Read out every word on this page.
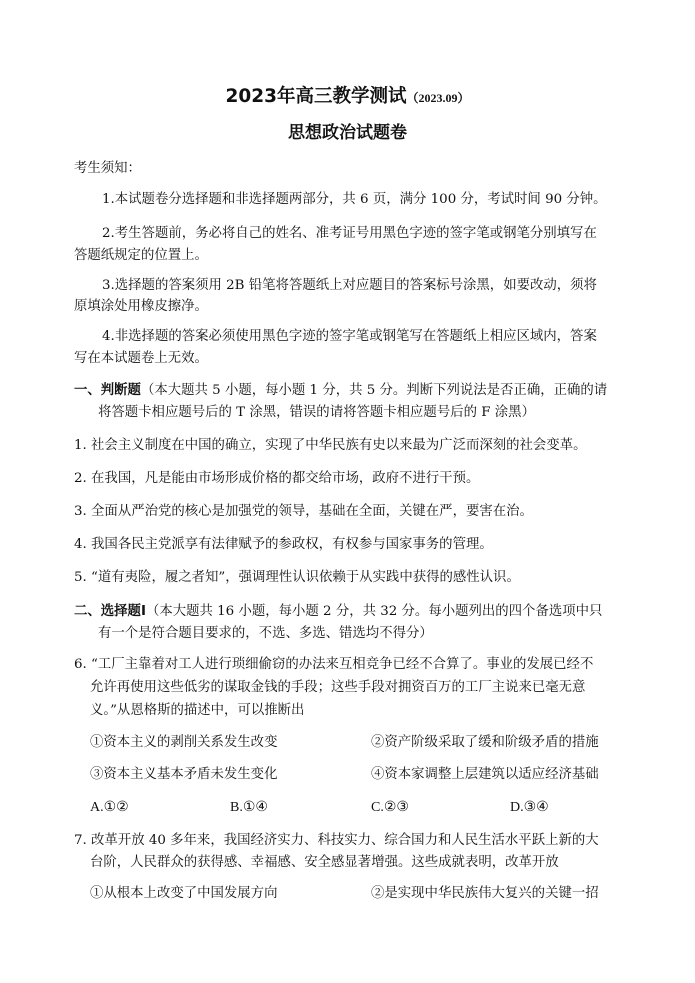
2023年高三教学测试（2023.09）
思想政治试题卷
考生须知：
1.本试题卷分选择题和非选择题两部分，共 6 页，满分 100 分，考试时间 90 分钟。
2.考生答题前，务必将自己的姓名、准考证号用黑色字迹的签字笔或钢笔分别填写在
答题纸规定的位置上。
3.选择题的答案须用 2B 铅笔将答题纸上对应题目的答案标号涂黑，如要改动，须将
原填涂处用橡皮擦净。
4.非选择题的答案必须使用黑色字迹的签字笔或钢笔写在答题纸上相应区域内，答案
写在本试题卷上无效。
一、判断题（本大题共 5 小题，每小题 1 分，共 5 分。判断下列说法是否正确，正确的请
将答题卡相应题号后的 T 涂黑，错误的请将答题卡相应题号后的 F 涂黑）
1. 社会主义制度在中国的确立，实现了中华民族有史以来最为广泛而深刻的社会变革。
2. 在我国，凡是能由市场形成价格的都交给市场，政府不进行干预。
3. 全面从严治党的核心是加强党的领导，基础在全面，关键在严，要害在治。
4. 我国各民主党派享有法律赋予的参政权，有权参与国家事务的管理。
5. “道有夷险，履之者知”，强调理性认识依赖于从实践中获得的感性认识。
二、选择题Ⅰ（本大题共 16 小题，每小题 2 分，共 32 分。每小题列出的四个备选项中只
有一个是符合题目要求的，不选、多选、错选均不得分）
6. “工厂主靠着对工人进行琐细偷窃的办法来互相竞争已经不合算了。事业的发展已经不
允许再使用这些低劣的谋取金钱的手段；这些手段对拥资百万的工厂主说来已毫无意
义。”从恩格斯的描述中，可以推断出
①资本主义的剥削关系发生改变	②资产阶级采取了缓和阶级矛盾的措施
③资本主义基本矛盾未发生变化	④资本家调整上层建筑以适应经济基础
A.①②	B.①④	C.②③	D.③④
7. 改革开放 40 多年来，我国经济实力、科技实力、综合国力和人民生活水平跃上新的大
台阶，人民群众的获得感、幸福感、安全感显著增强。这些成就表明，改革开放
①从根本上改变了中国发展方向	②是实现中华民族伟大复兴的关键一招
